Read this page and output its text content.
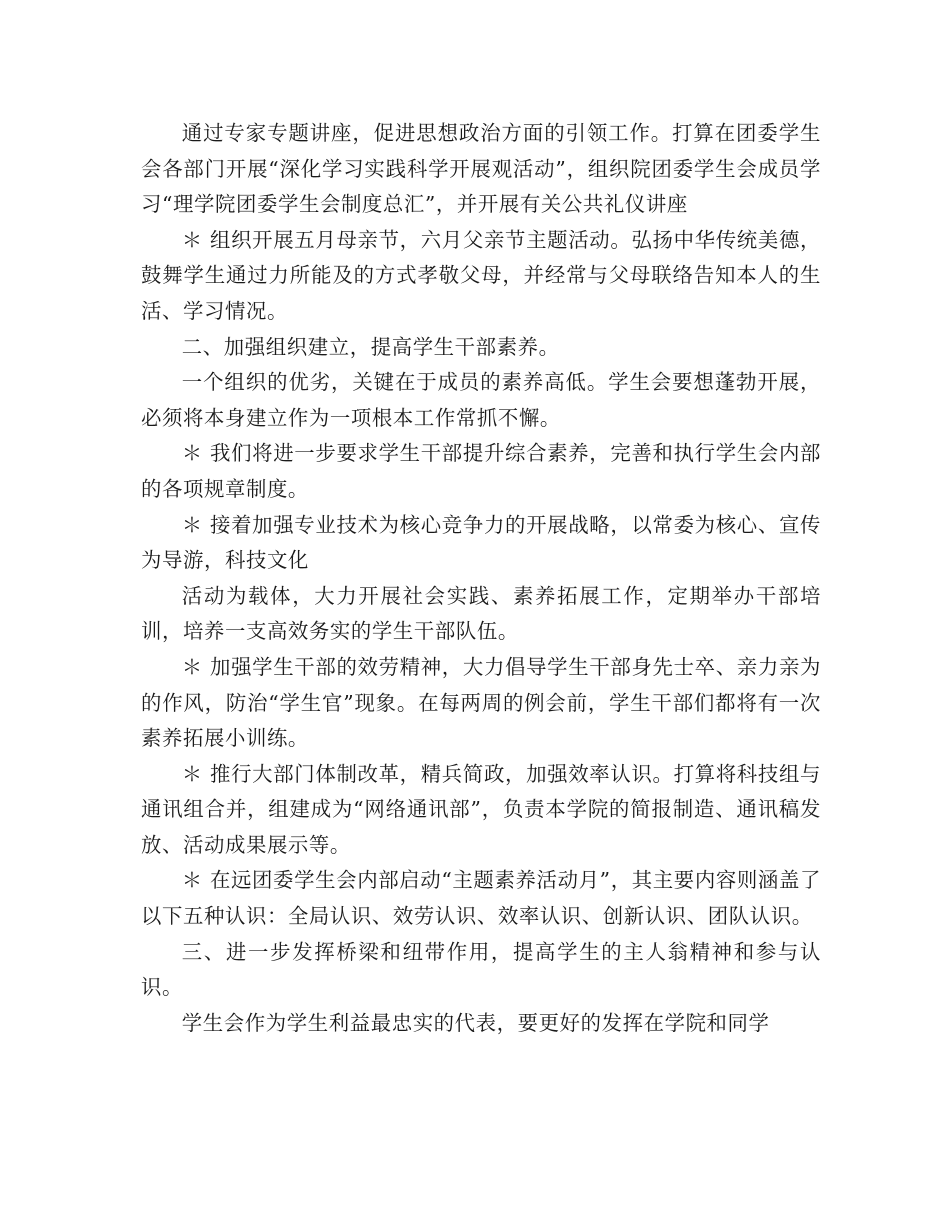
通过专家专题讲座，促进思想政治方面的引领工作。打算在团委学生会各部门开展“深化学习实践科学开展观活动”，组织院团委学生会成员学习“理学院团委学生会制度总汇”，并开展有关公共礼仪讲座

＊ 组织开展五月母亲节，六月父亲节主题活动。弘扬中华传统美德，鼓舞学生通过力所能及的方式孝敬父母，并经常与父母联络告知本人的生活、学习情况。

二、加强组织建立，提高学生干部素养。

一个组织的优劣，关键在于成员的素养高低。学生会要想蓬勃开展，必须将本身建立作为一项根本工作常抓不懈。

＊ 我们将进一步要求学生干部提升综合素养，完善和执行学生会内部的各项规章制度。

＊ 接着加强专业技术为核心竞争力的开展战略，以常委为核心、宣传为导游，科技文化

活动为载体，大力开展社会实践、素养拓展工作，定期举办干部培训，培养一支高效务实的学生干部队伍。

＊ 加强学生干部的效劳精神，大力倡导学生干部身先士卒、亲力亲为的作风，防治“学生官”现象。在每两周的例会前，学生干部们都将有一次素养拓展小训练。

＊ 推行大部门体制改革，精兵简政，加强效率认识。打算将科技组与通讯组合并，组建成为“网络通讯部”，负责本学院的简报制造、通讯稿发放、活动成果展示等。

＊ 在远团委学生会内部启动“主题素养活动月”，其主要内容则涵盖了以下五种认识：全局认识、效劳认识、效率认识、创新认识、团队认识。

三、进一步发挥桥梁和纽带作用，提高学生的主人翁精神和参与认识。

学生会作为学生利益最忠实的代表，要更好的发挥在学院和同学
